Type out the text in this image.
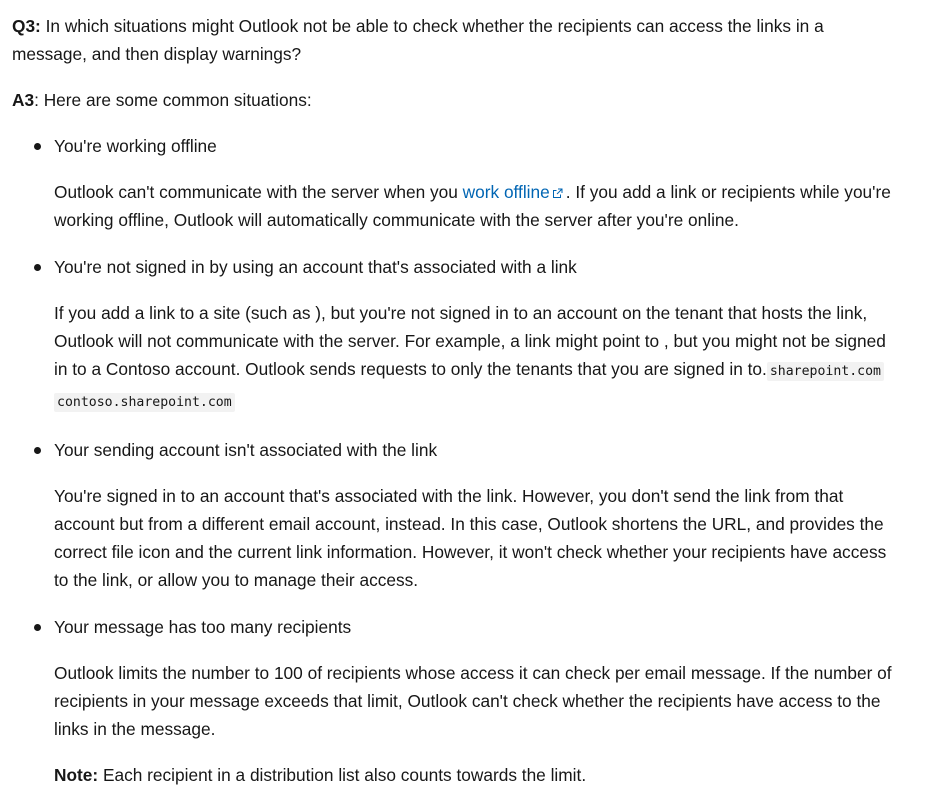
Q3: In which situations might Outlook not be able to check whether the recipients can access the links in a message, and then display warnings?

A3: Here are some common situations:

You're working offline

Outlook can't communicate with the server when you work offline . If you add a link or recipients while you're working offline, Outlook will automatically communicate with the server after you're online.

You're not signed in by using an account that's associated with a link

If you add a link to a site (such as ), but you're not signed in to an account on the tenant that hosts the link, Outlook will not communicate with the server. For example, a link might point to , but you might not be signed in to a Contoso account. Outlook sends requests to only the tenants that you are signed in to. sharepoint.com contoso.sharepoint.com

Your sending account isn't associated with the link

You're signed in to an account that's associated with the link. However, you don't send the link from that account but from a different email account, instead. In this case, Outlook shortens the URL, and provides the correct file icon and the current link information. However, it won't check whether your recipients have access to the link, or allow you to manage their access.

Your message has too many recipients

Outlook limits the number to 100 of recipients whose access it can check per email message. If the number of recipients in your message exceeds that limit, Outlook can't check whether the recipients have access to the links in the message.

Note: Each recipient in a distribution list also counts towards the limit.
